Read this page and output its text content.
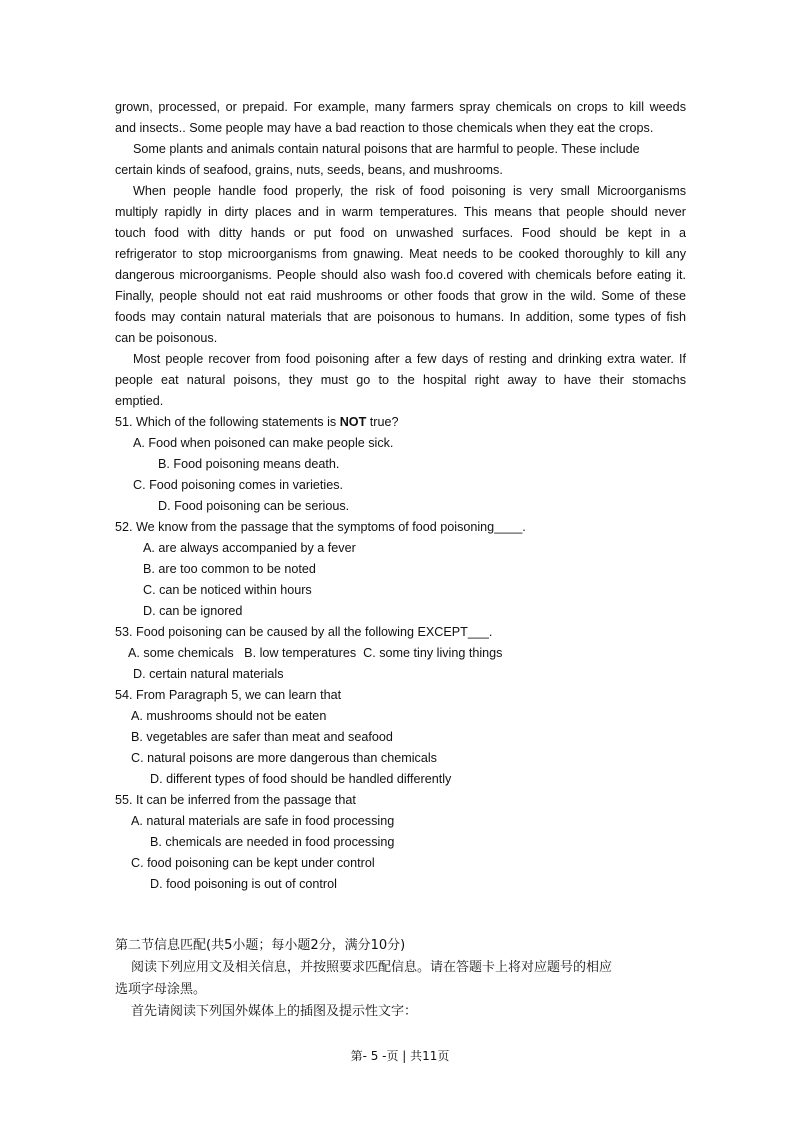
grown, processed, or prepaid. For example, many farmers spray chemicals on crops to kill weeds
and insects.. Some people may have a bad reaction to those chemicals when they eat the crops.
Some plants and animals contain natural poisons that are harmful to people. These include
certain kinds of seafood, grains, nuts, seeds, beans, and mushrooms.
When people handle food properly, the risk of food poisoning is very small Microorganisms
multiply rapidly in dirty places and in warm temperatures. This means that people should never
touch food with ditty hands or put food on unwashed surfaces. Food should be kept in a
refrigerator to stop microorganisms from gnawing. Meat needs to be cooked thoroughly to kill any
dangerous microorganisms. People should also wash foo.d covered with chemicals before eating it.
Finally, people should not eat raid mushrooms or other foods that grow in the wild. Some of these
foods may contain natural materials that are poisonous to humans. In addition, some types of fish
can be poisonous.
Most people recover from food poisoning after a few days of resting and drinking extra water. If
people eat natural poisons, they must go to the hospital right away to have their stomachs
emptied.
51. Which of the following statements is NOT true?
A. Food when poisoned can make people sick.
B. Food poisoning means death.
C. Food poisoning comes in varieties.
D. Food poisoning can be serious.
52. We know from the passage that the symptoms of food poisoning____.
A. are always accompanied by a fever
B. are too common to be noted
C. can be noticed within hours
D. can be ignored
53. Food poisoning can be caused by all the following EXCEPT___.
A. some chemicals   B. low temperatures  C. some tiny living things
D. certain natural materials
54. From Paragraph 5, we can learn that
A. mushrooms should not be eaten
B. vegetables are safer than meat and seafood
C. natural poisons are more dangerous than chemicals
D. different types of food should be handled differently
55. It can be inferred from the passage that
A. natural materials are safe in food processing
B. chemicals are needed in food processing
C. food poisoning can be kept under control
D. food poisoning is out of control
第二节信息匹配(共5小题；每小题2分，满分10分)
阅读下列应用文及相关信息，并按照要求匹配信息。请在答题卡上将对应题号的相应
选项字母涂黑。
首先请阅读下列国外媒体上的插图及提示性文字：
第- 5 -页 | 共11页
